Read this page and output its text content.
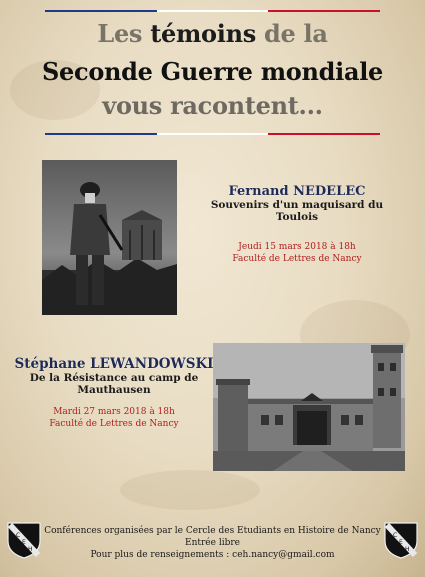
Les témoins de la
Seconde Guerre mondiale
vous racontent...
Fernand NEDELEC
Souvenirs d'un maquisard du Toulois
Jeudi 15 mars 2018 à 18h
Faculté de Lettres de Nancy
Stéphane LEWANDOWSKI
De la Résistance au camp de
Mauthausen
Mardi 27 mars 2018 à 18h
Faculté de Lettres de Nancy
C
E
H
C
E
H
Conférences organisées par le Cercle des Etudiants en Histoire de Nancy
Entrée libre
Pour plus de renseignements : ceh.nancy@gmail.com
